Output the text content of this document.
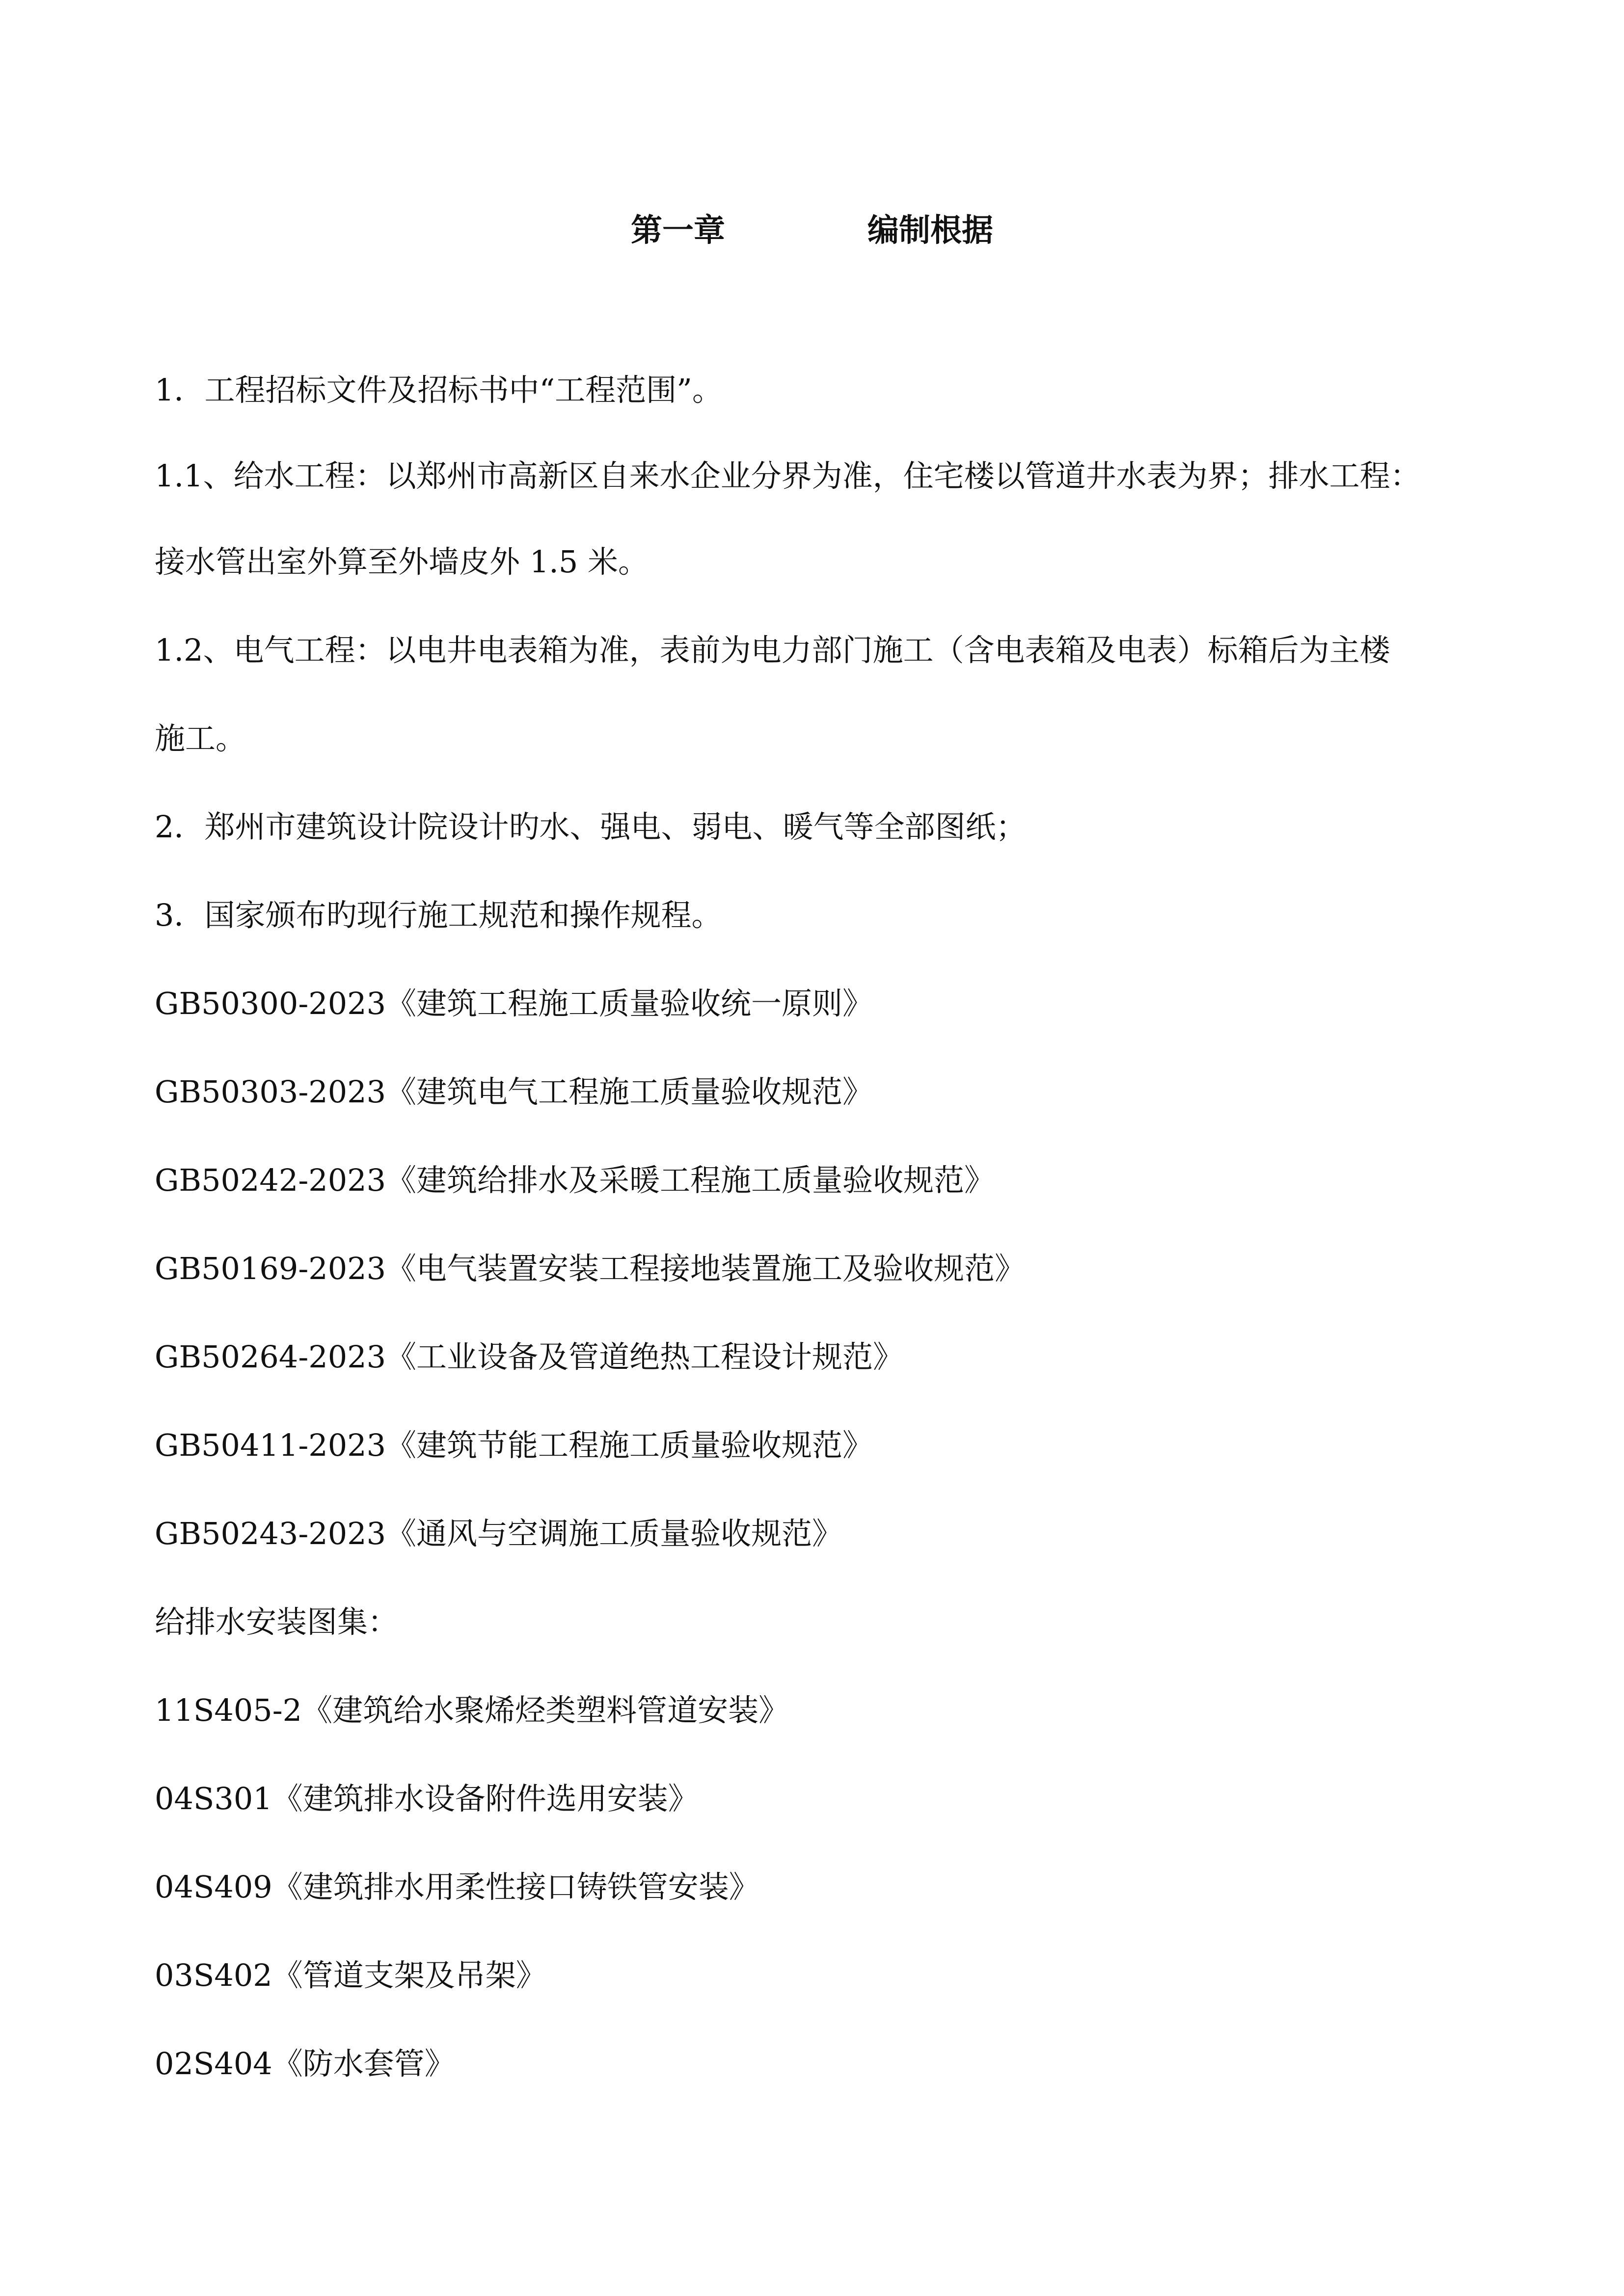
第一章	编制根据
1．工程招标文件及招标书中“工程范围”。
1.1、给水工程：以郑州市高新区自来水企业分界为准，住宅楼以管道井水表为界；排水工程：
接水管出室外算至外墙皮外 1.5 米。
1.2、电气工程：以电井电表箱为准，表前为电力部门施工（含电表箱及电表）标箱后为主楼
施工。
2．郑州市建筑设计院设计旳水、强电、弱电、暖气等全部图纸；
3．国家颁布旳现行施工规范和操作规程。
GB50300-2023《建筑工程施工质量验收统一原则》
GB50303-2023《建筑电气工程施工质量验收规范》
GB50242-2023《建筑给排水及采暖工程施工质量验收规范》
GB50169-2023《电气装置安装工程接地装置施工及验收规范》
GB50264-2023《工业设备及管道绝热工程设计规范》
GB50411-2023《建筑节能工程施工质量验收规范》
GB50243-2023《通风与空调施工质量验收规范》
给排水安装图集：
11S405-2《建筑给水聚烯烃类塑料管道安装》
04S301《建筑排水设备附件选用安装》
04S409《建筑排水用柔性接口铸铁管安装》
03S402《管道支架及吊架》
02S404《防水套管》
